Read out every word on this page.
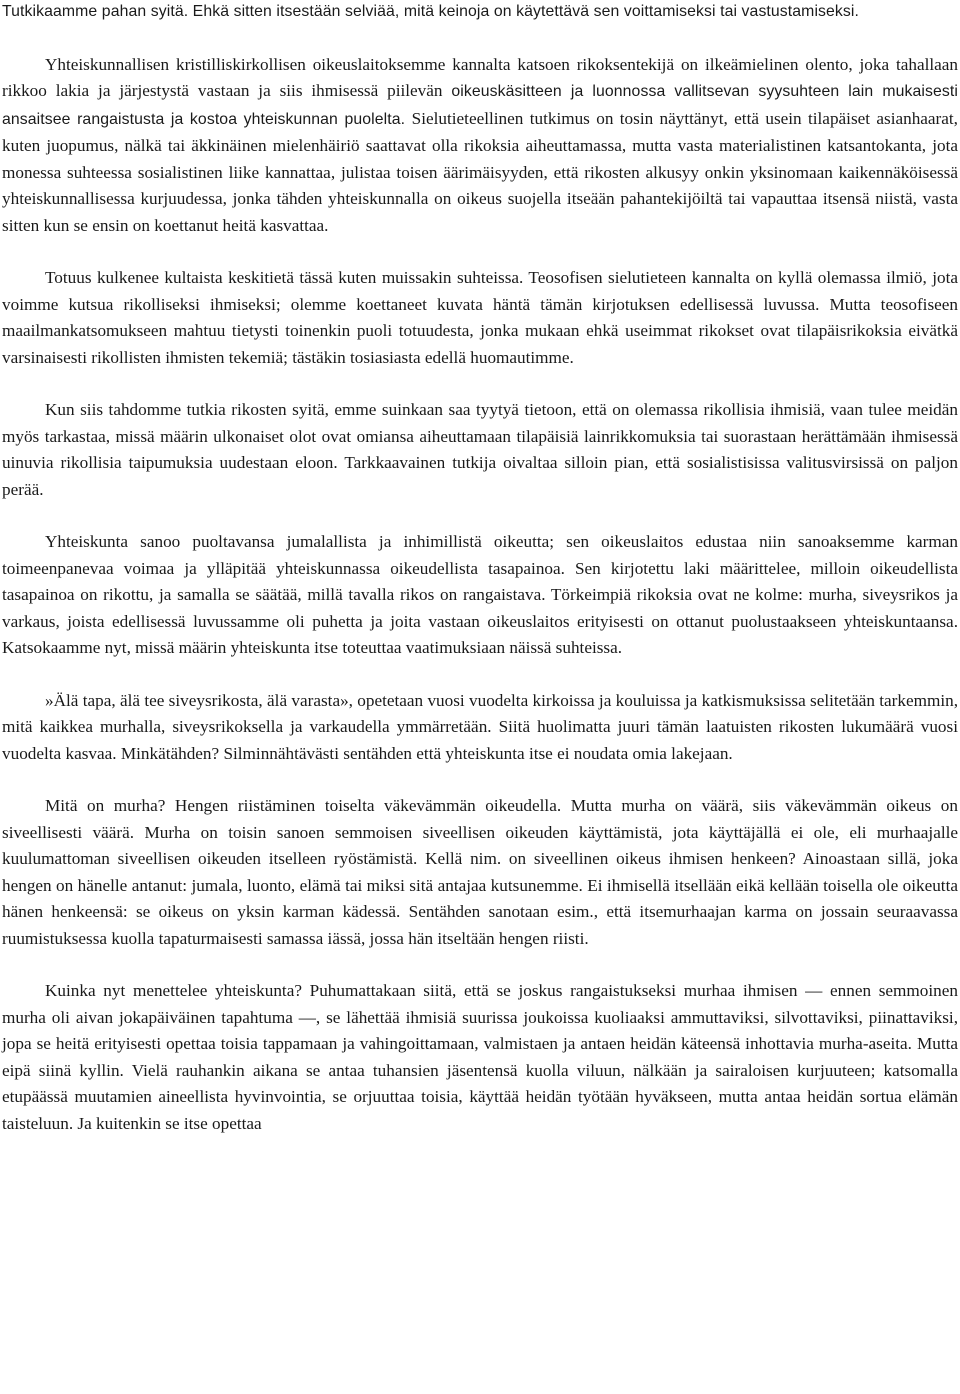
Tutkikaamme pahan syitä. Ehkä sitten itsestään selviää, mitä keinoja on käytettävä sen voittamiseksi tai vastustamiseksi.

Yhteiskunnallisen kristilliskirkollisen oikeuslaitoksemme kannalta katsoen rikoksentekijä on ilkeämielinen olento, joka tahallaan rikkoo lakia ja järjestystä vastaan ja siis ihmisessä piilevän oikeuskäsitteen ja luonnossa vallitsevan syysuhteen lain mukaisesti ansaitsee rangaistusta ja kostoa yhteiskunnan puolelta. Sielutieteellinen tutkimus on tosin näyttänyt, että usein tilapäiset asianhaarat, kuten juopumus, nälkä tai äkkinäinen mielenhäiriö saattavat olla rikoksia aiheuttamassa, mutta vasta materialistinen katsantokanta, jota monessa suhteessa sosialistinen liike kannattaa, julistaa toisen äärimäisyyden, että rikosten alkusyy onkin yksinomaan kaikennäköisessä yhteiskunnallisessa kurjuudessa, jonka tähden yhteiskunnalla on oikeus suojella itseään pahantekijöiltä tai vapauttaa itsensä niistä, vasta sitten kun se ensin on koettanut heitä kasvattaa.

Totuus kulkenee kultaista keskitietä tässä kuten muissakin suhteissa. Teosofisen sielutieteen kannalta on kyllä olemassa ilmiö, jota voimme kutsua rikolliseksi ihmiseksi; olemme koettaneet kuvata häntä tämän kirjotuksen edellisessä luvussa. Mutta teosofiseen maailmankatsomukseen mahtuu tietysti toinenkin puoli totuudesta, jonka mukaan ehkä useimmat rikokset ovat tilapäisrikoksia eivätkä varsinaisesti rikollisten ihmisten tekemiä; tästäkin tosiasiasta edellä huomautimme.

Kun siis tahdomme tutkia rikosten syitä, emme suinkaan saa tyytyä tietoon, että on olemassa rikollisia ihmisiä, vaan tulee meidän myös tarkastaa, missä määrin ulkonaiset olot ovat omiansa aiheuttamaan tilapäisiä lainrikkomuksia tai suorastaan herättämään ihmisessä uinuvia rikollisia taipumuksia uudestaan eloon. Tarkkaavainen tutkija oivaltaa silloin pian, että sosialistisissa valitusvirsissä on paljon perää.

Yhteiskunta sanoo puoltavansa jumalallista ja inhimillistä oikeutta; sen oikeuslaitos edustaa niin sanoaksemme karman toimeenpanevaa voimaa ja ylläpitää yhteiskunnassa oikeudellista tasapainoa. Sen kirjotettu laki määrittelee, milloin oikeudellista tasapainoa on rikottu, ja samalla se säätää, millä tavalla rikos on rangaistava. Törkeimpiä rikoksia ovat ne kolme: murha, siveysrikos ja varkaus, joista edellisessä luvussamme oli puhetta ja joita vastaan oikeuslaitos erityisesti on ottanut puolustaakseen yhteiskuntaansa. Katsokaamme nyt, missä määrin yhteiskunta itse toteuttaa vaatimuksiaan näissä suhteissa.

»Älä tapa, älä tee siveysrikosta, älä varasta», opetetaan vuosi vuodelta kirkoissa ja kouluissa ja katkismuksissa selitetään tarkemmin, mitä kaikkea murhalla, siveysrikoksella ja varkaudella ymmärretään. Siitä huolimatta juuri tämän laatuisten rikosten lukumäärä vuosi vuodelta kasvaa. Minkätähden? Silminnähtävästi sentähden että yhteiskunta itse ei noudata omia lakejaan.

Mitä on murha? Hengen riistäminen toiselta väkevämmän oikeudella. Mutta murha on väärä, siis väkevämmän oikeus on siveellisesti väärä. Murha on toisin sanoen semmoisen siveellisen oikeuden käyttämistä, jota käyttäjällä ei ole, eli murhaajalle kuulumattoman siveellisen oikeuden itselleen ryöstämistä. Kellä nim. on siveellinen oikeus ihmisen henkeen? Ainoastaan sillä, joka hengen on hänelle antanut: jumala, luonto, elämä tai miksi sitä antajaa kutsunemme. Ei ihmisellä itsellään eikä kellään toisella ole oikeutta hänen henkeensä: se oikeus on yksin karman kädessä. Sentähden sanotaan esim., että itsemurhaajan karma on jossain seuraavassa ruumistuksessa kuolla tapaturmaisesti samassa iässä, jossa hän itseltään hengen riisti.

Kuinka nyt menettelee yhteiskunta? Puhumattakaan siitä, että se joskus rangaistukseksi murhaa ihmisen — ennen semmoinen murha oli aivan jokapäiväinen tapahtuma —, se lähettää ihmisiä suurissa joukoissa kuoliaaksi ammuttaviksi, silvottaviksi, piinattaviksi, jopa se heitä erityisesti opettaa toisia tappamaan ja vahingoittamaan, valmistaen ja antaen heidän käteensä inhottavia murha-aseita. Mutta eipä siinä kyllin. Vielä rauhankin aikana se antaa tuhansien jäsentensä kuolla viluun, nälkään ja sairaloisen kurjuuteen; katsomalla etupäässä muutamien aineellista hyvinvointia, se orjuuttaa toisia, käyttää heidän työtään hyväkseen, mutta antaa heidän sortua elämän taisteluun. Ja kuitenkin se itse opettaa
